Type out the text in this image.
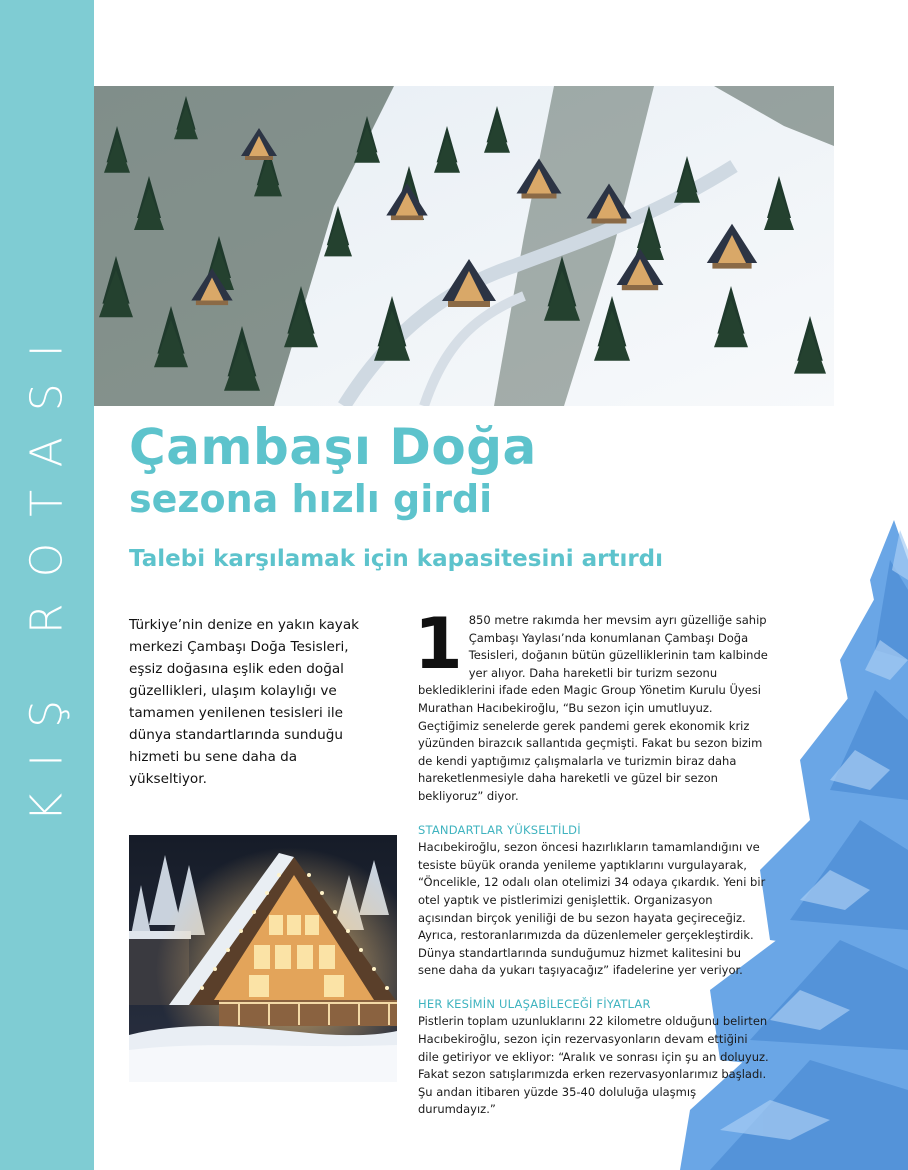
KIŞ ROTASI Çambaşı Doğa
sezona hızlı girdi
Talebi karşılamak için kapasitesini artırdı
Türkiye’nin denize en yakın kayak merkezi Çambaşı Doğa Tesisleri, eşsiz doğasına eşlik eden doğal güzellikleri, ulaşım kolaylığı ve tamamen yenilenen tesisleri ile dünya standartlarında sunduğu hizmeti bu sene daha da yükseltiyor.

1 850 metre rakımda her mevsim ayrı güzelliğe sahip Çambaşı Yaylası’nda konumlanan Çambaşı Doğa Tesisleri, doğanın bütün güzelliklerinin tam kalbinde yer alıyor. Daha hareketli bir turizm sezonu beklediklerini ifade eden Magic Group Yönetim Kurulu Üyesi Murathan Hacıbekiroğlu, “Bu sezon için umutluyuz. Geçtiğimiz senelerde gerek pandemi gerek ekonomik kriz yüzünden birazcık sallantıda geçmişti. Fakat bu sezon bizim de kendi yaptığımız çalışmalarla ve turizmin biraz daha hareketlenmesiyle daha hareketli ve güzel bir sezon bekliyoruz” diyor.

STANDARTLAR YÜKSELTİLDİ

Hacıbekiroğlu, sezon öncesi hazırlıkların tamamlandığını ve tesiste büyük oranda yenileme yaptıklarını vurgulayarak, “Öncelikle, 12 odalı olan otelimizi 34 odaya çıkardık. Yeni bir otel yaptık ve pistlerimizi genişlettik. Organizasyon açısından birçok yeniliği de bu sezon hayata geçireceğiz. Ayrıca, restoranlarımızda da düzenlemeler gerçekleştirdik. Dünya standartlarında sunduğumuz hizmet kalitesini bu sene daha da yukarı taşıyacağız” ifadelerine yer veriyor.

HER KESİMİN ULAŞABİLECEĞİ FİYATLAR

Pistlerin toplam uzunluklarını 22 kilometre olduğunu belirten Hacıbekiroğlu, sezon için rezervasyonların devam ettiğini dile getiriyor ve ekliyor: “Aralık ve sonrası için şu an doluyuz. Fakat sezon satışlarımızda erken rezervasyonlarımız başladı. Şu andan itibaren yüzde 35-40 doluluğa ulaşmış durumdayız.”
